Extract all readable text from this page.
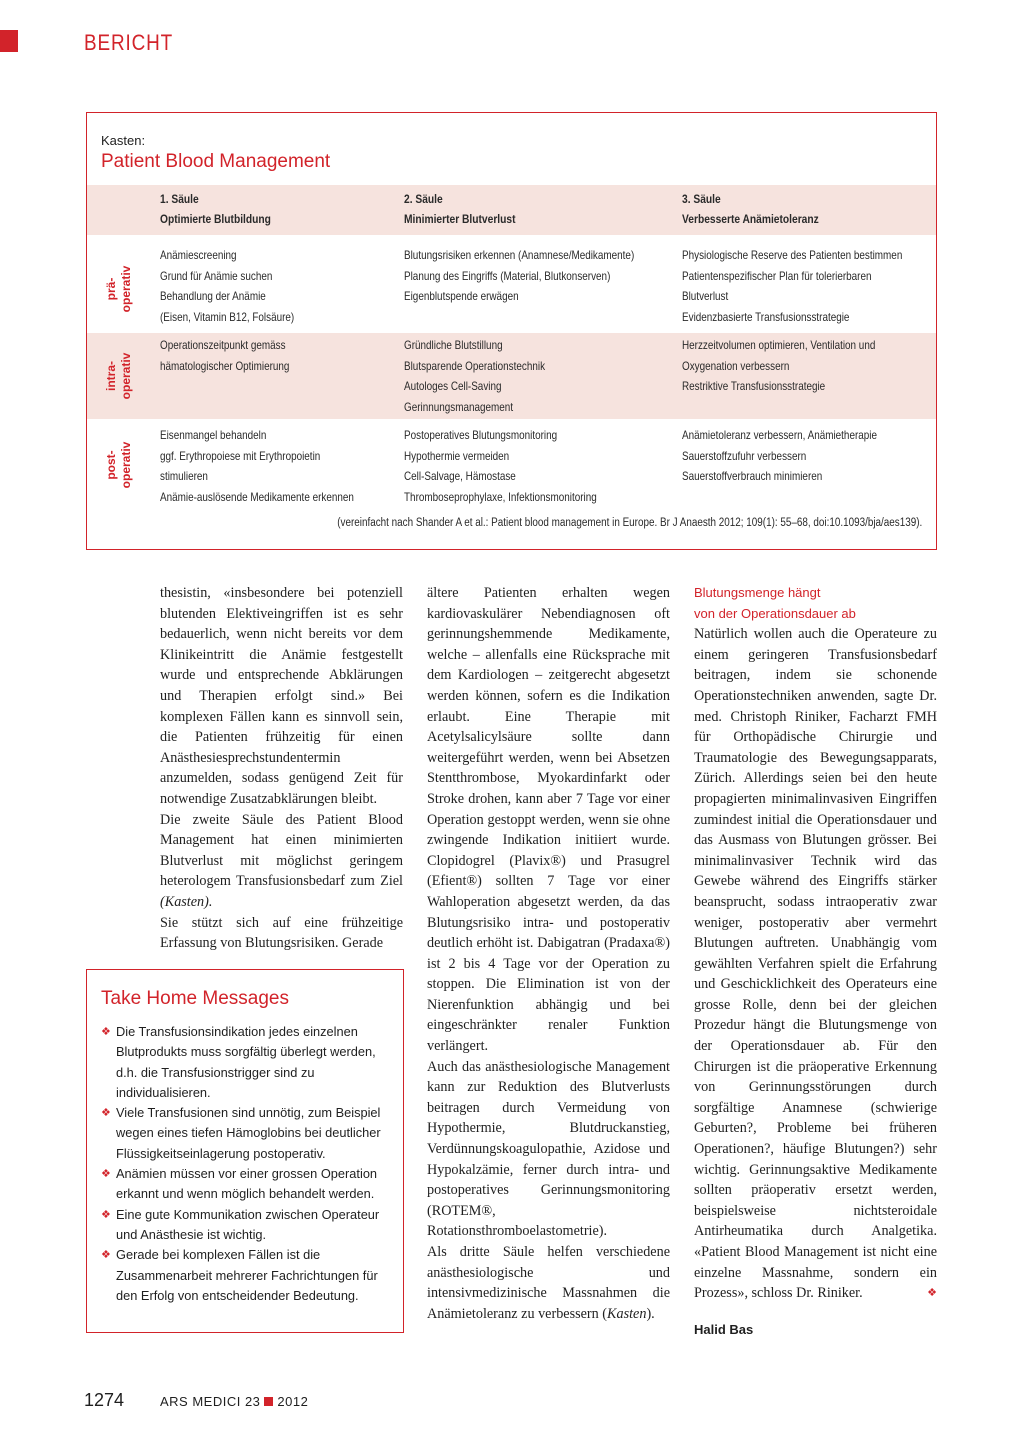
BERICHT
Kasten:
Patient Blood Management
1. Säule
Optimierte Blutbildung
2. Säule
Minimierter Blutverlust
3. Säule
Verbesserte Anämietoleranz
prä- operativ
intra- operativ
post- operativ
Anämiescreening
Grund für Anämie suchen
Behandlung der Anämie
(Eisen, Vitamin B12, Folsäure)
Blutungsrisiken erkennen (Anamnese/Medikamente)
Planung des Eingriffs (Material, Blutkonserven)
Eigenblutspende erwägen
Physiologische Reserve des Patienten bestimmen
Patientenspezifischer Plan für tolerierbaren
Blutverlust
Evidenzbasierte Transfusionsstrategie
Operationszeitpunkt gemäss
hämatologischer Optimierung
Gründliche Blutstillung
Blutsparende Operationstechnik
Autologes Cell-Saving
Gerinnungsmanagement
Herzzeitvolumen optimieren, Ventilation und
Oxygenation verbessern
Restriktive Transfusionsstrategie
Eisenmangel behandeln
ggf. Erythropoiese mit Erythropoietin
stimulieren
Anämie-auslösende Medikamente erkennen
Postoperatives Blutungsmonitoring
Hypothermie vermeiden
Cell-Salvage, Hämostase
Thromboseprophylaxe, Infektionsmonitoring
Anämietoleranz verbessern, Anämietherapie
Sauerstoffzufuhr verbessern
Sauerstoffverbrauch minimieren
(vereinfacht nach Shander A et al.: Patient blood management in Europe. Br J Anaesth 2012; 109(1): 55–68, doi:10.1093/bja/aes139).

thesistin, «insbesondere bei potenziell blutenden Elektiveingriffen ist es sehr bedauerlich, wenn nicht bereits vor dem Klinikeintritt die Anämie festgestellt wurde und entsprechende Abklärungen und Therapien erfolgt sind.» Bei komplexen Fällen kann es sinnvoll sein, die Patienten frühzeitig für einen Anästhesiesprechstundentermin anzumelden, sodass genügend Zeit für notwendige Zusatzabklärungen bleibt.

Die zweite Säule des Patient Blood Management hat einen minimierten Blutverlust mit möglichst geringem heterologem Transfusionsbedarf zum Ziel (Kasten).

Sie stützt sich auf eine frühzeitige Erfassung von Blutungsrisiken. Gerade

Take Home Messages
❖ Die Transfusionsindikation jedes einzelnen Blutprodukts muss sorgfältig überlegt werden, d.h. die Transfusionstrigger sind zu individualisieren.
❖ Viele Transfusionen sind unnötig, zum Beispiel wegen eines tiefen Hämoglobins bei deutlicher Flüssigkeitseinlagerung postoperativ.
❖ Anämien müssen vor einer grossen Operation erkannt und wenn möglich behandelt werden.
❖ Eine gute Kommunikation zwischen Operateur und Anästhesie ist wichtig.
❖ Gerade bei komplexen Fällen ist die Zusammenarbeit mehrerer Fachrichtungen für den Erfolg von entscheidender Bedeutung.

ältere Patienten erhalten wegen kardiovaskulärer Nebendiagnosen oft gerinnungshemmende Medikamente, welche – allenfalls eine Rücksprache mit dem Kardiologen – zeitgerecht abgesetzt werden können, sofern es die Indikation erlaubt. Eine Therapie mit Acetylsalicylsäure sollte dann weitergeführt werden, wenn bei Absetzen Stentthrombose, Myokardinfarkt oder Stroke drohen, kann aber 7 Tage vor einer Operation gestoppt werden, wenn sie ohne zwingende Indikation initiiert wurde. Clopidogrel (Plavix®) und Prasugrel (Efient®) sollten 7 Tage vor einer Wahloperation abgesetzt werden, da das Blutungsrisiko intra- und postoperativ deutlich erhöht ist. Dabigatran (Pradaxa®) ist 2 bis 4 Tage vor der Operation zu stoppen. Die Elimination ist von der Nierenfunktion abhängig und bei eingeschränkter renaler Funktion verlängert.

Auch das anästhesiologische Management kann zur Reduktion des Blutverlusts beitragen durch Vermeidung von Hypothermie, Blutdruckanstieg, Verdünnungskoagulopathie, Azidose und Hypokalzämie, ferner durch intra- und postoperatives Gerinnungsmonitoring (ROTEM®, Rotationsthromboelastometrie).

Als dritte Säule helfen verschiedene anästhesiologische und intensivmedizinische Massnahmen die Anämietoleranz zu verbessern (Kasten).

Blutungsmenge hängt
von der Operationsdauer ab

Natürlich wollen auch die Operateure zu einem geringeren Transfusionsbedarf beitragen, indem sie schonende Operationstechniken anwenden, sagte Dr. med. Christoph Riniker, Facharzt FMH für Orthopädische Chirurgie und Traumatologie des Bewegungsapparats, Zürich. Allerdings seien bei den heute propagierten minimalinvasiven Eingriffen zumindest initial die Operationsdauer und das Ausmass von Blutungen grösser. Bei minimalinvasiver Technik wird das Gewebe während des Eingriffs stärker beansprucht, sodass intraoperativ zwar weniger, postoperativ aber vermehrt Blutungen auftreten. Unabhängig vom gewählten Verfahren spielt die Erfahrung und Geschicklichkeit des Operateurs eine grosse Rolle, denn bei der gleichen Prozedur hängt die Blutungsmenge von der Operationsdauer ab. Für den Chirurgen ist die präoperative Erkennung von Gerinnungsstörungen durch sorgfältige Anamnese (schwierige Geburten?, Probleme bei früheren Operationen?, häufige Blutungen?) sehr wichtig. Gerinnungsaktive Medikamente sollten präoperativ ersetzt werden, beispielsweise nichtsteroidale Antirheumatika durch Analgetika. «Patient Blood Management ist nicht eine einzelne Massnahme, sondern ein Prozess», schloss Dr. Riniker.	❖

Halid Bas

1274	ARS MEDICI 23 2012
